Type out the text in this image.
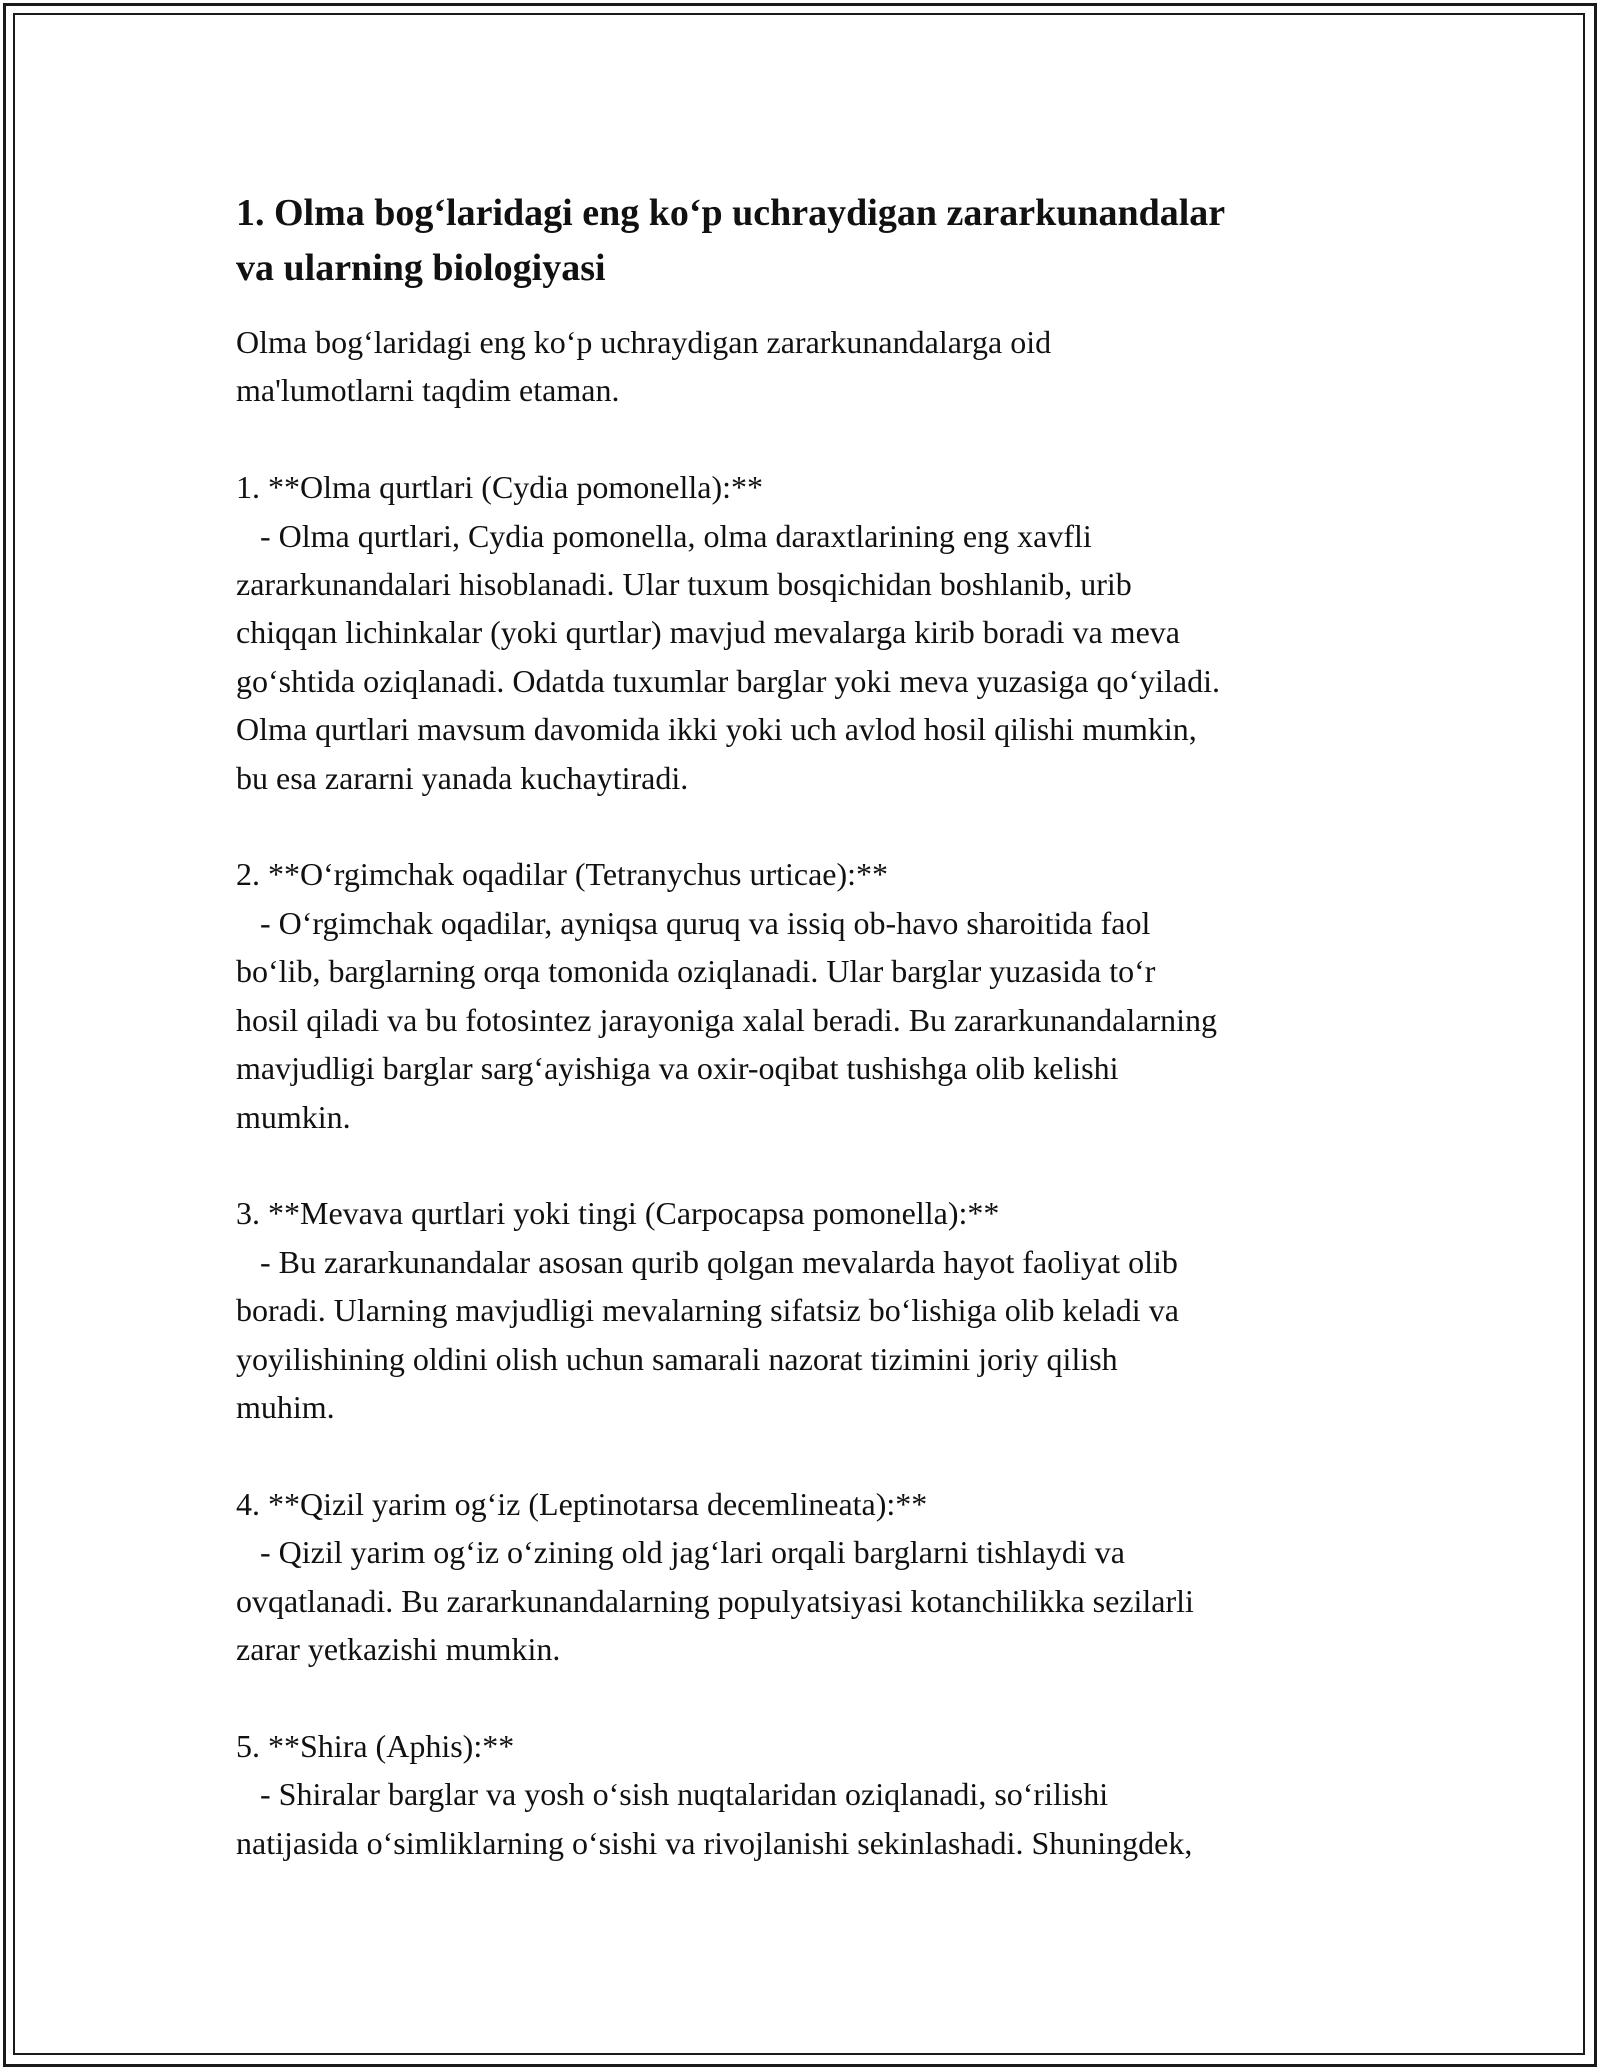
1. Olma bog‘laridagi eng ko‘p uchraydigan zararkunandalar
va ularning biologiyasi

Olma bog‘laridagi eng ko‘p uchraydigan zararkunandalarga oid
ma'lumotlarni taqdim etaman.

1. **Olma qurtlari (Cydia pomonella):**
- Olma qurtlari, Cydia pomonella, olma daraxtlarining eng xavfli
zararkunandalari hisoblanadi. Ular tuxum bosqichidan boshlanib, urib
chiqqan lichinkalar (yoki qurtlar) mavjud mevalarga kirib boradi va meva
go‘shtida oziqlanadi. Odatda tuxumlar barglar yoki meva yuzasiga qo‘yiladi.
Olma qurtlari mavsum davomida ikki yoki uch avlod hosil qilishi mumkin,
bu esa zararni yanada kuchaytiradi.

2. **O‘rgimchak oqadilar (Tetranychus urticae):**
- O‘rgimchak oqadilar, ayniqsa quruq va issiq ob-havo sharoitida faol
bo‘lib, barglarning orqa tomonida oziqlanadi. Ular barglar yuzasida to‘r
hosil qiladi va bu fotosintez jarayoniga xalal beradi. Bu zararkunandalarning
mavjudligi barglar sarg‘ayishiga va oxir-oqibat tushishga olib kelishi
mumkin.

3. **Mevava qurtlari yoki tingi (Carpocapsa pomonella):**
- Bu zararkunandalar asosan qurib qolgan mevalarda hayot faoliyat olib
boradi. Ularning mavjudligi mevalarning sifatsiz bo‘lishiga olib keladi va
yoyilishining oldini olish uchun samarali nazorat tizimini joriy qilish
muhim.

4. **Qizil yarim og‘iz (Leptinotarsa decemlineata):**
- Qizil yarim og‘iz o‘zining old jag‘lari orqali barglarni tishlaydi va
ovqatlanadi. Bu zararkunandalarning populyatsiyasi kotanchilikka sezilarli
zarar yetkazishi mumkin.

5. **Shira (Aphis):**
- Shiralar barglar va yosh o‘sish nuqtalaridan oziqlanadi, so‘rilishi
natijasida o‘simliklarning o‘sishi va rivojlanishi sekinlashadi. Shuningdek,
